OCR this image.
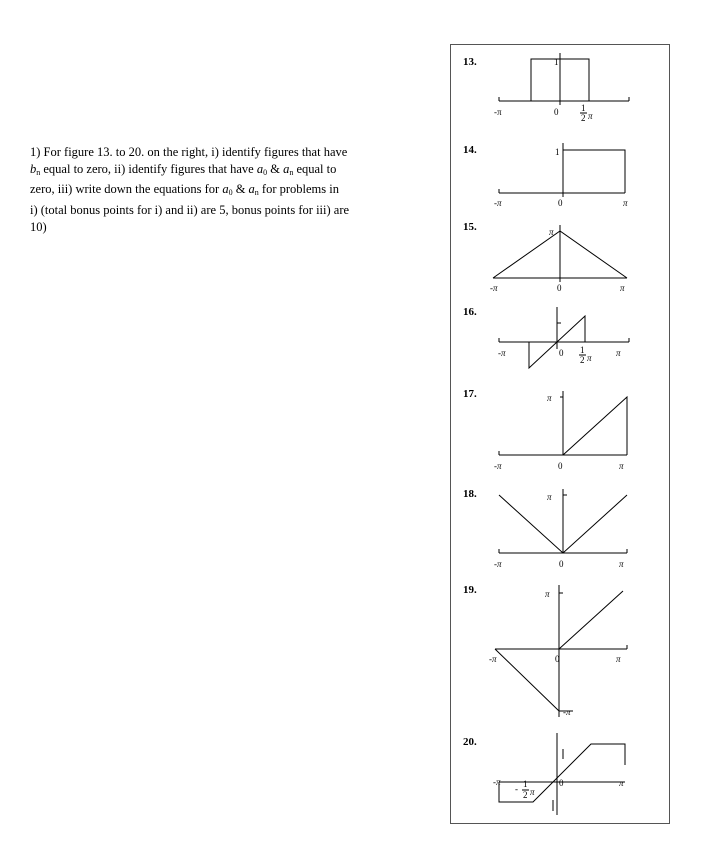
1) For figure 13. to 20. on the right, i) identify figures that have
$b_n$ equal to zero, ii) identify figures that have $a_0$ & $a_n$ equal to
zero, iii) write down the equations for $a_0$ & $a_n$ for problems in
i) (total bonus points for i) and ii) are 5, bonus points for iii) are
10)
13.
-π	0	1
2 π
1
14.
-π	0	π
1
15.
-π	0	π
π
16.
-π	0	π
1
2 π
17.
-π	0	π
π
18.
-π	0	π
π
19.
-π	0	π
π
-π
20.
-π	0	π
- 1
2 π
